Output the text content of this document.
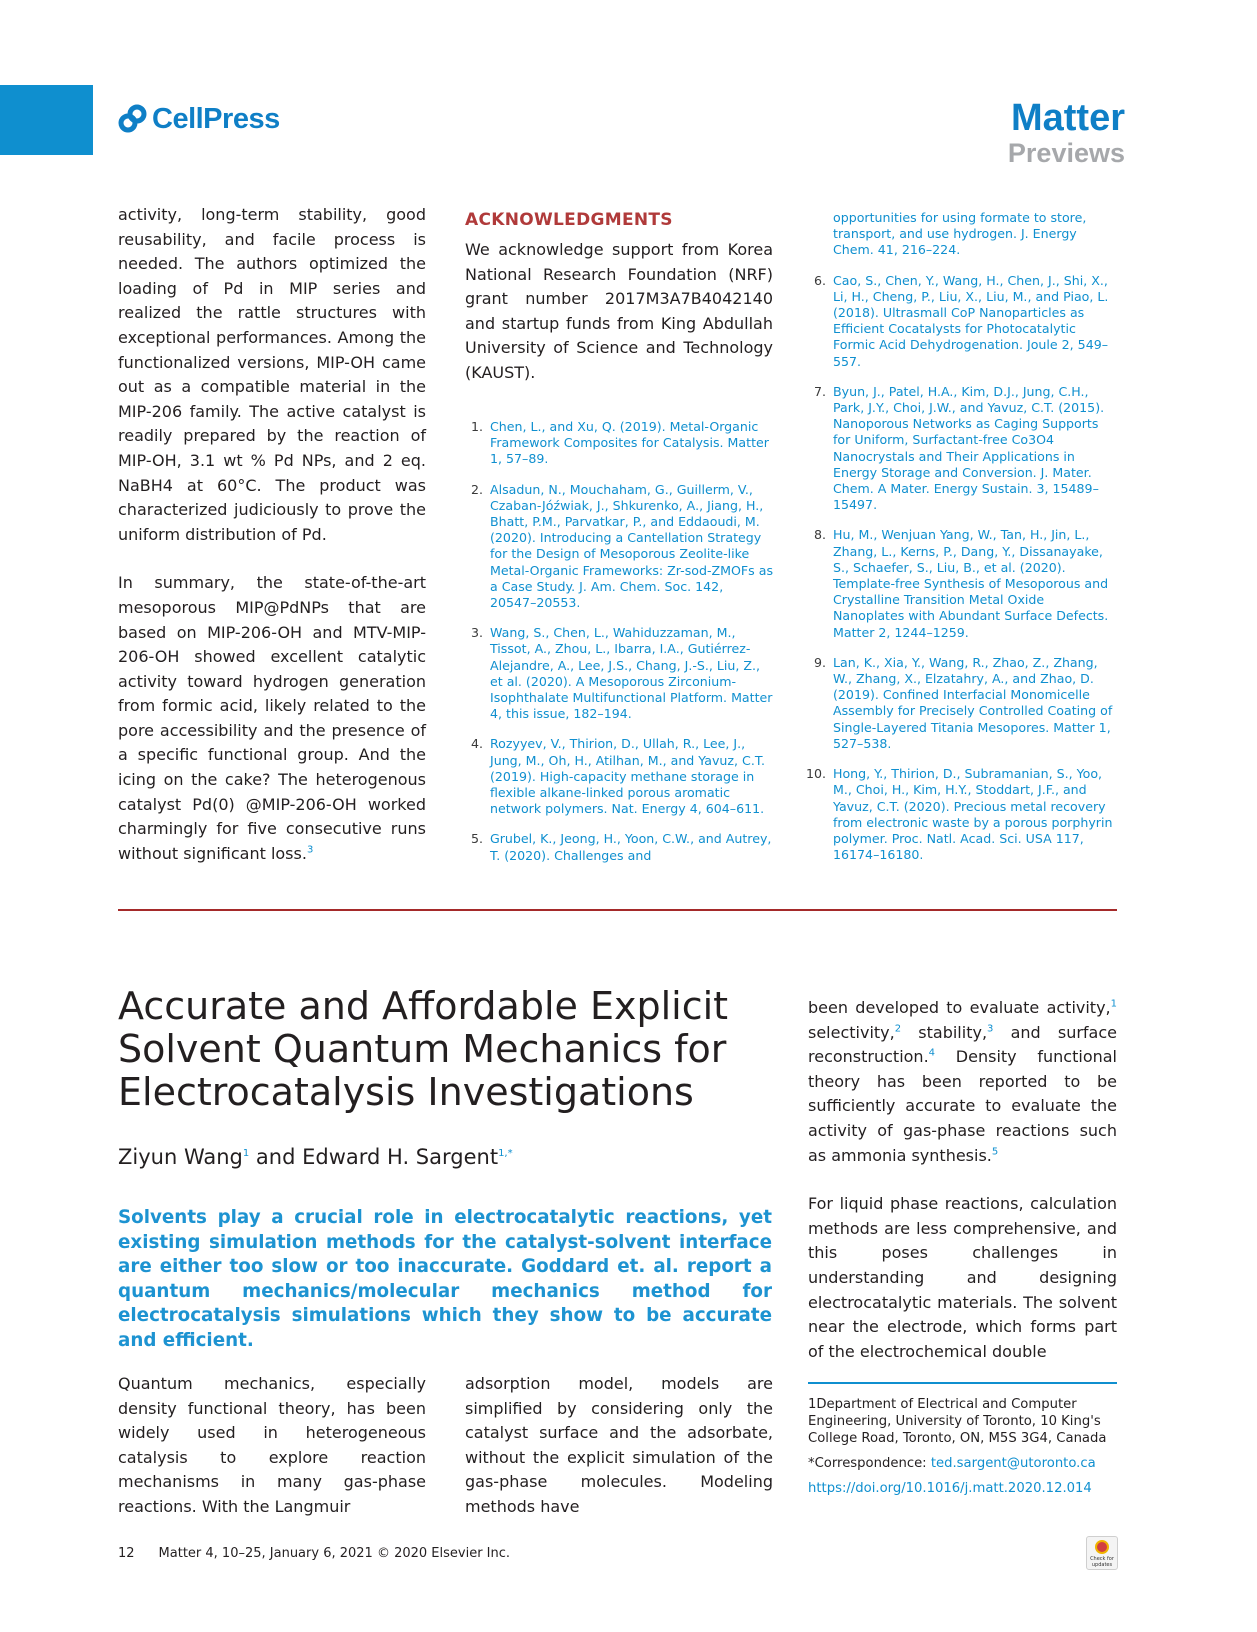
CellPress	Matter
Previews

activity, long-term stability, good reusability, and facile process is needed. The authors optimized the loading of Pd in MIP series and realized the rattle structures with exceptional performances. Among the functionalized versions, MIP-OH came out as a compatible material in the MIP-206 family. The active catalyst is readily prepared by the reaction of MIP-OH, 3.1 wt % Pd NPs, and 2 eq. NaBH4 at 60°C. The product was characterized judiciously to prove the uniform distribution of Pd.

In summary, the state-of-the-art mesoporous MIP@PdNPs that are based on MIP-206-OH and MTV-MIP-206-OH showed excellent catalytic activity toward hydrogen generation from formic acid, likely related to the pore accessibility and the presence of a specific functional group. And the icing on the cake? The heterogenous catalyst Pd(0) @MIP-206-OH worked charmingly for five consecutive runs without significant loss.$^3$

ACKNOWLEDGMENTS
We acknowledge support from Korea National Research Foundation (NRF) grant number 2017M3A7B4042140 and startup funds from King Abdullah University of Science and Technology (KAUST).
1. Chen, L., and Xu, Q. (2019). Metal-Organic Framework Composites for Catalysis. Matter 1, 57–89.
2. Alsadun, N., Mouchaham, G., Guillerm, V., Czaban-Jóźwiak, J., Shkurenko, A., Jiang, H., Bhatt, P.M., Parvatkar, P., and Eddaoudi, M. (2020). Introducing a Cantellation Strategy for the Design of Mesoporous Zeolite-like Metal-Organic Frameworks: Zr-sod-ZMOFs as a Case Study. J. Am. Chem. Soc. 142, 20547–20553.
3. Wang, S., Chen, L., Wahiduzzaman, M., Tissot, A., Zhou, L., Ibarra, I.A., Gutiérrez-Alejandre, A., Lee, J.S., Chang, J.-S., Liu, Z., et al. (2020). A Mesoporous Zirconium-Isophthalate Multifunctional Platform. Matter 4, this issue, 182–194.
4. Rozyyev, V., Thirion, D., Ullah, R., Lee, J., Jung, M., Oh, H., Atilhan, M., and Yavuz, C.T. (2019). High-capacity methane storage in flexible alkane-linked porous aromatic network polymers. Nat. Energy 4, 604–611.
5. Grubel, K., Jeong, H., Yoon, C.W., and Autrey, T. (2020). Challenges and
opportunities for using formate to store, transport, and use hydrogen. J. Energy Chem. 41, 216–224.
6. Cao, S., Chen, Y., Wang, H., Chen, J., Shi, X., Li, H., Cheng, P., Liu, X., Liu, M., and Piao, L. (2018). Ultrasmall CoP Nanoparticles as Efficient Cocatalysts for Photocatalytic Formic Acid Dehydrogenation. Joule 2, 549–557.
7. Byun, J., Patel, H.A., Kim, D.J., Jung, C.H., Park, J.Y., Choi, J.W., and Yavuz, C.T. (2015). Nanoporous Networks as Caging Supports for Uniform, Surfactant-free Co3O4 Nanocrystals and Their Applications in Energy Storage and Conversion. J. Mater. Chem. A Mater. Energy Sustain. 3, 15489–15497.
8. Hu, M., Wenjuan Yang, W., Tan, H., Jin, L., Zhang, L., Kerns, P., Dang, Y., Dissanayake, S., Schaefer, S., Liu, B., et al. (2020). Template-free Synthesis of Mesoporous and Crystalline Transition Metal Oxide Nanoplates with Abundant Surface Defects. Matter 2, 1244–1259.
9. Lan, K., Xia, Y., Wang, R., Zhao, Z., Zhang, W., Zhang, X., Elzatahry, A., and Zhao, D. (2019). Confined Interfacial Monomicelle Assembly for Precisely Controlled Coating of Single-Layered Titania Mesopores. Matter 1, 527–538.
10. Hong, Y., Thirion, D., Subramanian, S., Yoo, M., Choi, H., Kim, H.Y., Stoddart, J.F., and Yavuz, C.T. (2020). Precious metal recovery from electronic waste by a porous porphyrin polymer. Proc. Natl. Acad. Sci. USA 117, 16174–16180.
Accurate and Affordable Explicit Solvent Quantum Mechanics for Electrocatalysis Investigations
Ziyun Wang$^1$ and Edward H. Sargent$^{1,*}$
Solvents play a crucial role in electrocatalytic reactions, yet existing simulation methods for the catalyst-solvent interface are either too slow or too inaccurate. Goddard et. al. report a quantum mechanics/molecular mechanics method for electrocatalysis simulations which they show to be accurate and efficient.
Quantum mechanics, especially density functional theory, has been widely used in heterogeneous catalysis to explore reaction mechanisms in many gas-phase reactions. With the Langmuir
adsorption model, models are simplified by considering only the catalyst surface and the adsorbate, without the explicit simulation of the gas-phase molecules. Modeling methods have

been developed to evaluate activity,$^1$ selectivity,$^2$ stability,$^3$ and surface reconstruction.$^4$ Density functional theory has been reported to be sufficiently accurate to evaluate the activity of gas-phase reactions such as ammonia synthesis.$^5$

For liquid phase reactions, calculation methods are less comprehensive, and this poses challenges in understanding and designing electrocatalytic materials. The solvent near the electrode, which forms part of the electrochemical double

1Department of Electrical and Computer Engineering, University of Toronto, 10 King's College Road, Toronto, ON, M5S 3G4, Canada

*Correspondence: ted.sargent@utoronto.ca

https://doi.org/10.1016/j.matt.2020.12.014

12 Matter 4, 10–25, January 6, 2021 © 2020 Elsevier Inc.	Check for updates
